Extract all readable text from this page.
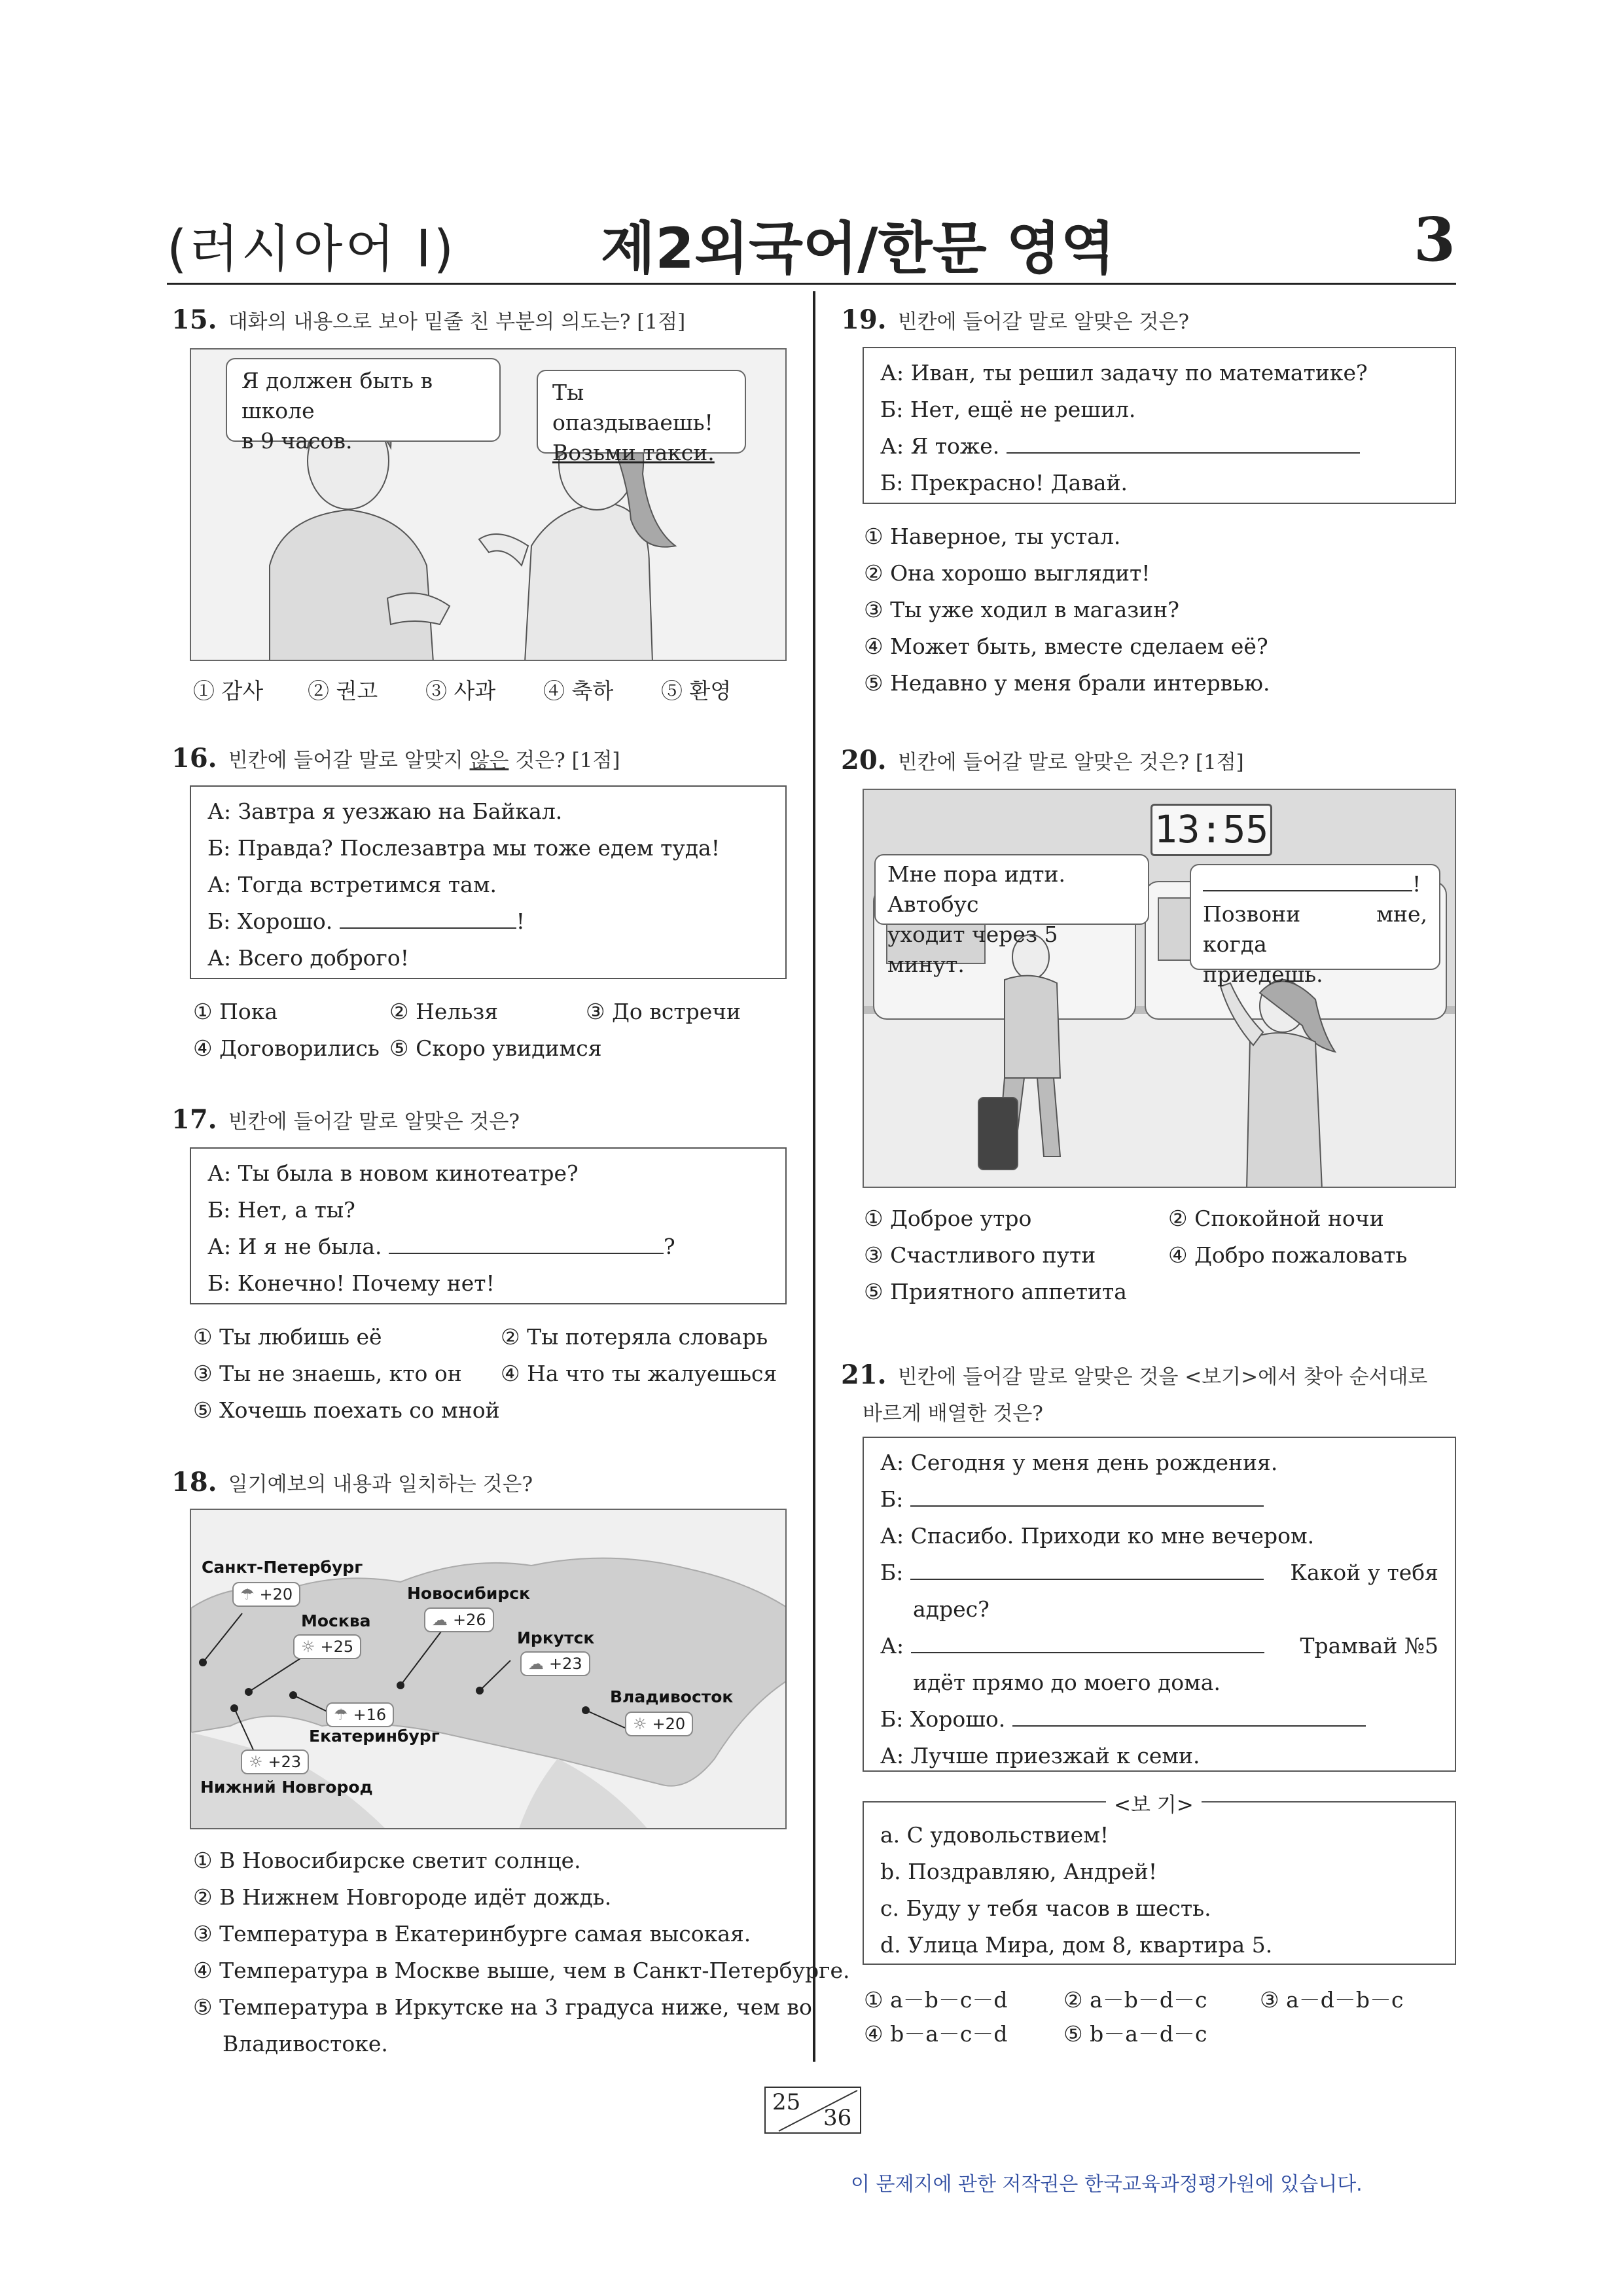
(러시아어 I)	제2외국어/한문 영역	3
15. 대화의 내용으로 보아 밑줄 친 부분의 의도는? [1점]
Я должен быть в школе
в 9 часов.
Ты опаздываешь!
Возьми такси.
① 감사 ② 권고 ③ 사과 ④ 축하 ⑤ 환영
16. 빈칸에 들어갈 말로 알맞지 않은 것은? [1점]
А: Завтра я уезжаю на Байкал.
Б: Правда? Послезавтра мы тоже едем туда!
А: Тогда встретимся там.
Б: Хорошо.	!
А: Всего доброго!
① Пока	② Нельзя	③ До встречи
④ Договорились ⑤ Скоро увидимся
17. 빈칸에 들어갈 말로 알맞은 것은?
А: Ты была в новом кинотеатре?
Б: Нет, а ты?
А: И я не была.	?
Б: Конечно! Почему нет!
① Ты любишь её	② Ты потеряла словарь
③ Ты не знаешь, кто он ④ На что ты жалуешься
⑤ Хочешь поехать со мной
18. 일기예보의 내용과 일치하는 것은?
Санкт-Петербург
☂ +20
Москва
☼ +25
Новосибирск
☁ +26
Иркутск
☁ +23
☂ +16
Екатеринбург
☼ +23
Нижний Новгород
Владивосток
☼ +20
① В Новосибирске светит солнце.
② В Нижнем Новгороде идёт дождь.
③ Температура в Екатеринбурге самая высокая.
④ Температура в Москве выше, чем в Санкт-Петербурге.
⑤ Температура в Иркутске на 3 градуса ниже, чем во
Владивостоке.
19. 빈칸에 들어갈 말로 알맞은 것은?
А: Иван, ты решил задачу по математике?
Б: Нет, ещё не решил.
А: Я тоже.
Б: Прекрасно! Давай.
① Наверное, ты устал.
② Она хорошо выглядит!
③ Ты уже ходил в магазин?
④ Может быть, вместе сделаем её?
⑤ Недавно у меня брали интервью.
20. 빈칸에 들어갈 말로 알맞은 것은? [1점]
13:55
Мне пора идти. Автобус
уходит через 5 минут.
!
Позвони мне, когда
приедешь.
① Доброе утро	② Спокойной ночи
③ Счастливого пути	④ Добро пожаловать
⑤ Приятного аппетита
21. 빈칸에 들어갈 말로 알맞은 것을 <보기>에서 찾아 순서대로
바르게 배열한 것은?
А: Сегодня у меня день рождения.
Б:
А: Спасибо. Приходи ко мне вечером.
Б:	Какой у тебя
адрес?
А:	Трамвай №5
идёт прямо до моего дома.
Б: Хорошо.
А: Лучше приезжай к семи.
a. С удовольствием!
b. Поздравляю, Андрей!
c. Буду у тебя часов в шесть.
d. Улица Мира, дом 8, квартира 5.
<보 기>
① a－b－c－d	② a－b－d－c ③ a－d－b－c
④ b－a－c－d	⑤ b－a－d－c
25
36
이 문제지에 관한 저작권은 한국교육과정평가원에 있습니다.
